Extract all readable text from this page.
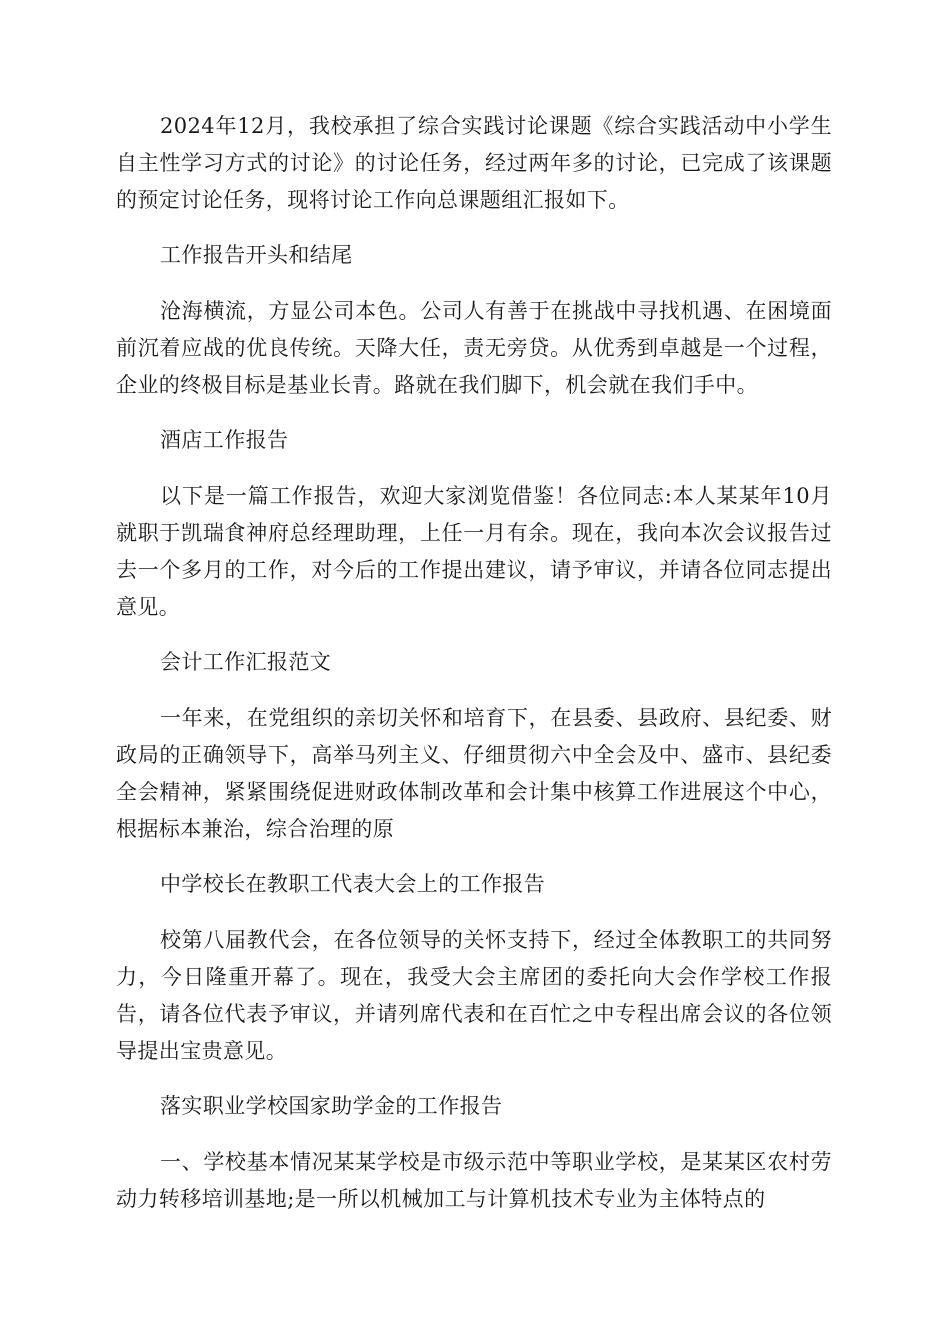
2024年12月，我校承担了综合实践讨论课题《综合实践活动中小学生自主性学习方式的讨论》的讨论任务，经过两年多的讨论，已完成了该课题的预定讨论任务，现将讨论工作向总课题组汇报如下。

工作报告开头和结尾

沧海横流，方显公司本色。公司人有善于在挑战中寻找机遇、在困境面前沉着应战的优良传统。天降大任，责无旁贷。从优秀到卓越是一个过程，企业的终极目标是基业长青。路就在我们脚下，机会就在我们手中。

酒店工作报告

以下是一篇工作报告，欢迎大家浏览借鉴！各位同志:本人某某年10月就职于凯瑞食神府总经理助理，上任一月有余。现在，我向本次会议报告过去一个多月的工作，对今后的工作提出建议，请予审议，并请各位同志提出意见。

会计工作汇报范文

一年来，在党组织的亲切关怀和培育下，在县委、县政府、县纪委、财政局的正确领导下，高举马列主义、仔细贯彻六中全会及中、盛市、县纪委全会精神，紧紧围绕促进财政体制改革和会计集中核算工作进展这个中心，根据标本兼治，综合治理的原

中学校长在教职工代表大会上的工作报告

校第八届教代会，在各位领导的关怀支持下，经过全体教职工的共同努力，今日隆重开幕了。现在，我受大会主席团的委托向大会作学校工作报告，请各位代表予审议，并请列席代表和在百忙之中专程出席会议的各位领导提出宝贵意见。

落实职业学校国家助学金的工作报告

一、学校基本情况某某学校是市级示范中等职业学校，是某某区农村劳动力转移培训基地;是一所以机械加工与计算机技术专业为主体特点的
